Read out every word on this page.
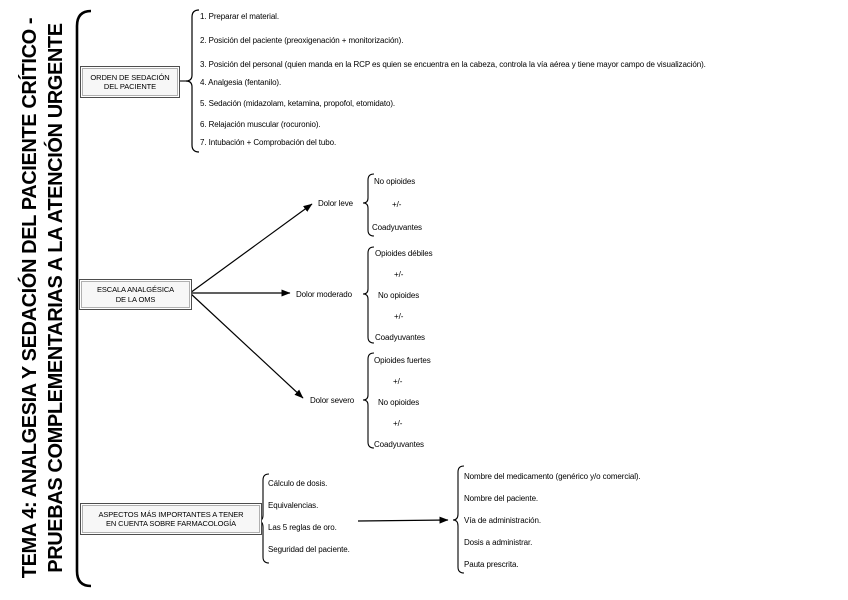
TEMA 4: ANALGESIA Y SEDACIÓN DEL PACIENTE CRÍTICO - PRUEBAS COMPLEMENTARIAS A LA ATENCIÓN URGENTE	ORDEN DE SEDACIÓN
DEL PACIENTE
ESCALA ANALGÉSICA
DE LA OMS
ASPECTOS MÁS IMPORTANTES A TENER
EN CUENTA SOBRE FARMACOLOGÍA
1. Preparar el material.
2. Posición del paciente (preoxigenación + monitorización).
3. Posición del personal (quien manda en la RCP es quien se encuentra en la cabeza, controla la vía aérea y tiene mayor campo de visualización).
4. Analgesia (fentanilo).
5. Sedación (midazolam, ketamina, propofol, etomidato).
6. Relajación muscular (rocuronio).
7. Intubación + Comprobación del tubo.
Dolor leve
Dolor moderado
Dolor severo
No opioides
+/-
Coadyuvantes
Opioides débiles
+/-
No opioides
+/-
Coadyuvantes
Opioides fuertes
+/-
No opioides
+/-
Coadyuvantes
Cálculo de dosis.
Equivalencias.
Las 5 reglas de oro.
Seguridad del paciente.
Nombre del medicamento (genérico y/o comercial).
Nombre del paciente.
Vía de administración.
Dosis a administrar.
Pauta prescrita.
